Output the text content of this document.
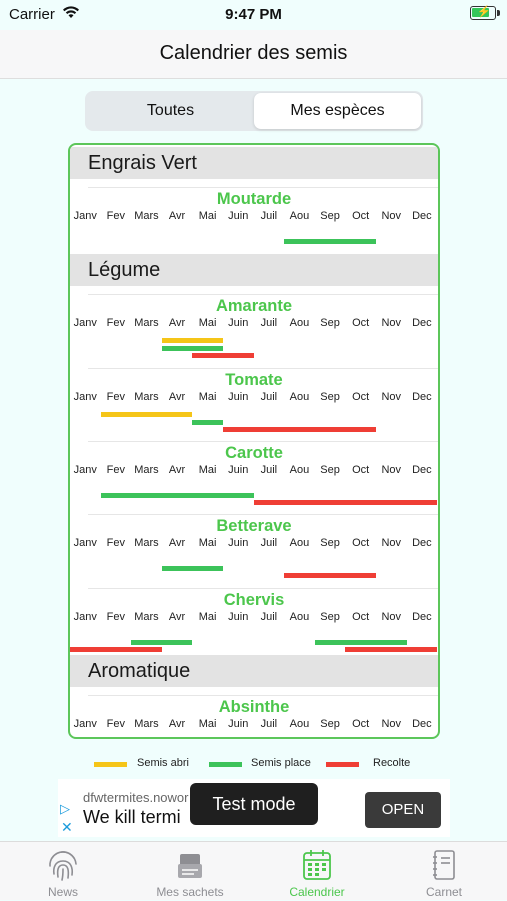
Carrier	9:47 PM	⚡
Calendrier des semis
Toutes	Mes espèces
Engrais Vert
Moutarde
Janv Fev Mars Avr	Mai	Juin	Juil	Aou	Sep	Oct	Nov	Dec
Légume
Amarante
Janv Fev Mars Avr	Mai	Juin	Juil	Aou	Sep	Oct	Nov	Dec
Tomate
Janv Fev Mars Avr	Mai	Juin	Juil	Aou	Sep	Oct	Nov	Dec
Carotte
Janv Fev Mars Avr	Mai	Juin	Juil	Aou	Sep	Oct	Nov	Dec
Betterave
Janv Fev Mars Avr	Mai	Juin	Juil	Aou	Sep	Oct	Nov	Dec
Chervis
Janv Fev Mars Avr	Mai	Juin	Juil	Aou	Sep	Oct	Nov	Dec
Aromatique
Absinthe
Janv Fev Mars Avr	Mai	Juin	Juil	Aou	Sep	Oct	Nov	Dec
Semis abri	Semis place	Recolte
▷
✕
dfwtermites.nowor
We kill termi	OPEN
Test mode
News	Mes sachets	Calendrier	Carnet
